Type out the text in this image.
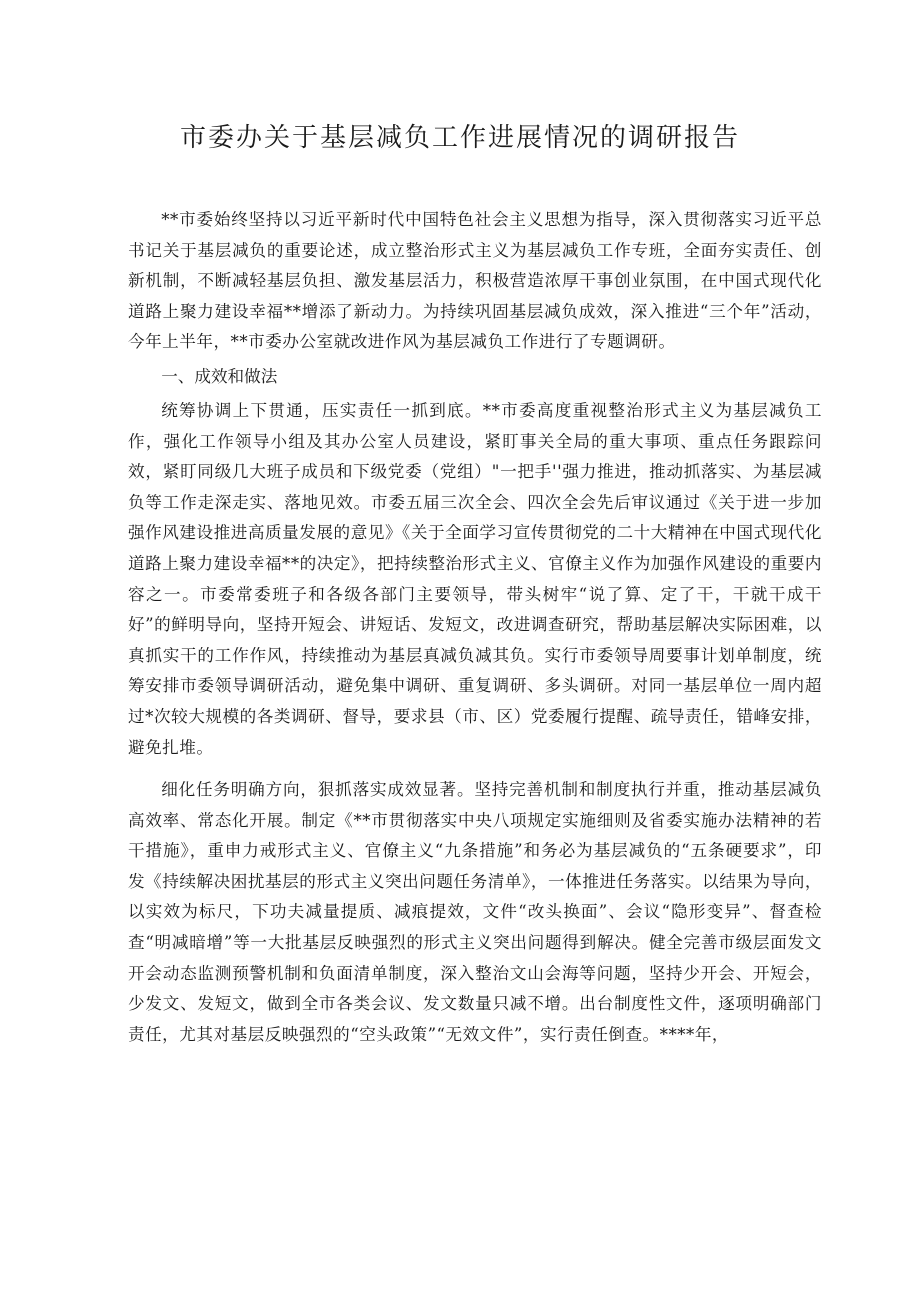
市委办关于基层减负工作进展情况的调研报告

**市委始终坚持以习近平新时代中国特色社会主义思想为指导，深入贯彻落实习近平总书记关于基层减负的重要论述，成立整治形式主义为基层减负工作专班，全面夯实责任、创新机制，不断减轻基层负担、激发基层活力，积极营造浓厚干事创业氛围，在中国式现代化道路上聚力建设幸福**增添了新动力。为持续巩固基层减负成效，深入推进“三个年”活动，今年上半年，**市委办公室就改进作风为基层减负工作进行了专题调研。

一、成效和做法

统筹协调上下贯通，压实责任一抓到底。**市委高度重视整治形式主义为基层减负工作，强化工作领导小组及其办公室人员建设，紧盯事关全局的重大事项、重点任务跟踪问效，紧盯同级几大班子成员和下级党委（党组）"一把手''强力推进，推动抓落实、为基层减负等工作走深走实、落地见效。市委五届三次全会、四次全会先后审议通过《关于进一步加强作风建设推进高质量发展的意见》《关于全面学习宣传贯彻党的二十大精神在中国式现代化道路上聚力建设幸福**的决定》，把持续整治形式主义、官僚主义作为加强作风建设的重要内容之一。市委常委班子和各级各部门主要领导，带头树牢“说了算、定了干，干就干成干好”的鲜明导向，坚持开短会、讲短话、发短文，改进调查研究，帮助基层解决实际困难，以真抓实干的工作作风，持续推动为基层真减负减其负。实行市委领导周要事计划单制度，统筹安排市委领导调研活动，避免集中调研、重复调研、多头调研。对同一基层单位一周内超过*次较大规模的各类调研、督导，要求县（市、区）党委履行提醒、疏导责任，错峰安排，避免扎堆。

细化任务明确方向，狠抓落实成效显著。坚持完善机制和制度执行并重，推动基层减负高效率、常态化开展。制定《**市贯彻落实中央八项规定实施细则及省委实施办法精神的若干措施》，重申力戒形式主义、官僚主义“九条措施”和务必为基层减负的“五条硬要求”，印发《持续解决困扰基层的形式主义突出问题任务清单》，一体推进任务落实。以结果为导向，以实效为标尺，下功夫减量提质、减痕提效，文件“改头换面”、会议“隐形变异”、督查检查“明减暗增”等一大批基层反映强烈的形式主义突出问题得到解决。健全完善市级层面发文开会动态监测预警机制和负面清单制度，深入整治文山会海等问题，坚持少开会、开短会，少发文、发短文，做到全市各类会议、发文数量只减不增。出台制度性文件，逐项明确部门责任，尤其对基层反映强烈的“空头政策”“无效文件”，实行责任倒查。****年，
